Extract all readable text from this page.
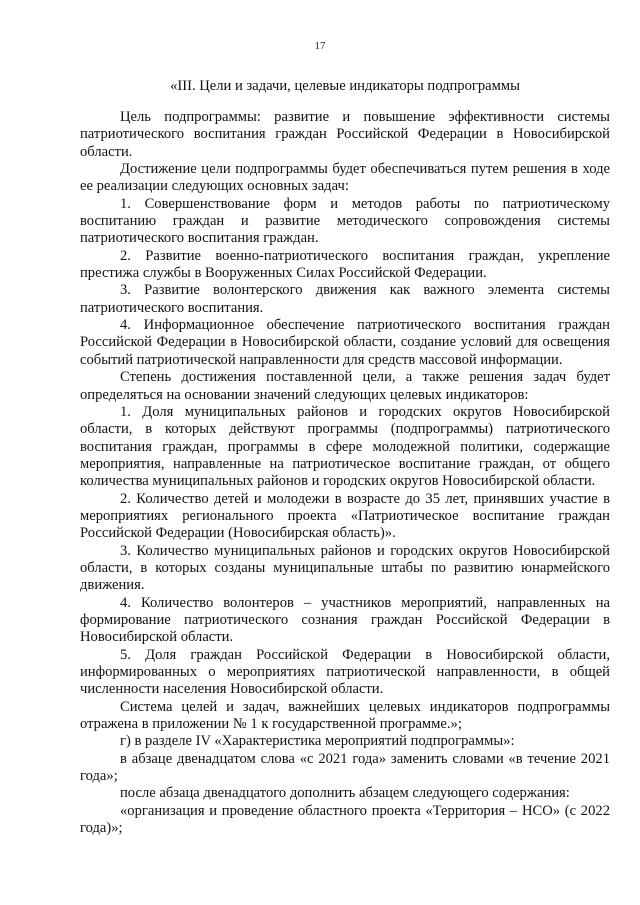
17
«III. Цели и задачи, целевые индикаторы подпрограммы

Цель подпрограммы: развитие и повышение эффективности системы патриотического воспитания граждан Российской Федерации в Новосибирской области.

Достижение цели подпрограммы будет обеспечиваться путем решения в ходе ее реализации следующих основных задач:

1. Совершенствование форм и методов работы по патриотическому воспитанию граждан и развитие методического сопровождения системы патриотического воспитания граждан.

2. Развитие военно-патриотического воспитания граждан, укрепление престижа службы в Вооруженных Силах Российской Федерации.

3. Развитие волонтерского движения как важного элемента системы патриотического воспитания.

4. Информационное обеспечение патриотического воспитания граждан Российской Федерации в Новосибирской области, создание условий для освещения событий патриотической направленности для средств массовой информации.

Степень достижения поставленной цели, а также решения задач будет определяться на основании значений следующих целевых индикаторов:

1. Доля муниципальных районов и городских округов Новосибирской области, в которых действуют программы (подпрограммы) патриотического воспитания граждан, программы в сфере молодежной политики, содержащие мероприятия, направленные на патриотическое воспитание граждан, от общего количества муниципальных районов и городских округов Новосибирской области.

2. Количество детей и молодежи в возрасте до 35 лет, принявших участие в мероприятиях регионального проекта «Патриотическое воспитание граждан Российской Федерации (Новосибирская область)».

3. Количество муниципальных районов и городских округов Новосибирской области, в которых созданы муниципальные штабы по развитию юнармейского движения.

4. Количество волонтеров – участников мероприятий, направленных на формирование патриотического сознания граждан Российской Федерации в Новосибирской области.

5. Доля граждан Российской Федерации в Новосибирской области, информированных о мероприятиях патриотической направленности, в общей численности населения Новосибирской области.

Система целей и задач, важнейших целевых индикаторов подпрограммы отражена в приложении № 1 к государственной программе.»;

г) в разделе IV «Характеристика мероприятий подпрограммы»:

в абзаце двенадцатом слова «с 2021 года» заменить словами «в течение 2021 года»;

после абзаца двенадцатого дополнить абзацем следующего содержания:

«организация и проведение областного проекта «Территория – НСО» (с 2022 года)»;
